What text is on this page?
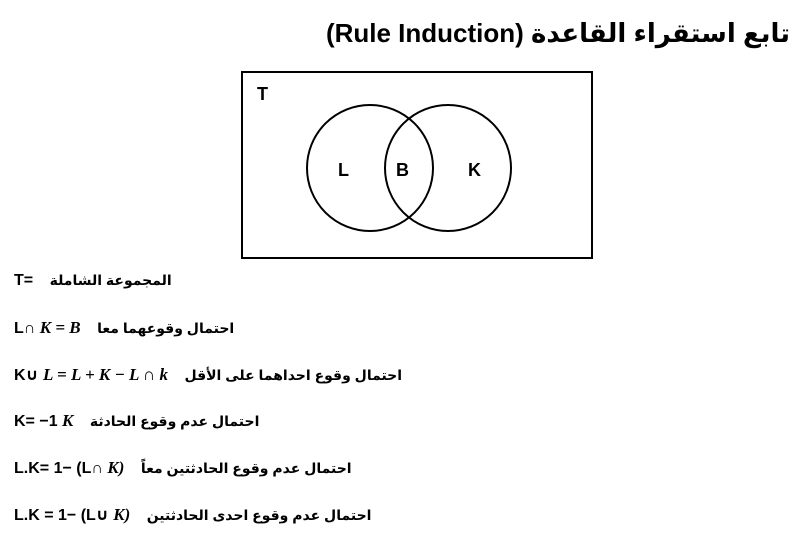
تابع استقراء القاعدة (Rule Induction)
T
L	B	K
T= المجموعة الشاملة
L∩ K = B احتمال وقوعهما معا
K∪ L = L + K − L ∩ k احتمال وقوع احداهما على الأقل
K= −1 K احتمال عدم وقوع الحادثة
L.K= 1− (L∩ K) احتمال عدم وقوع الحادثتين معاً
L.K = 1− (L∪ K) احتمال عدم وقوع احدى الحادثتين
